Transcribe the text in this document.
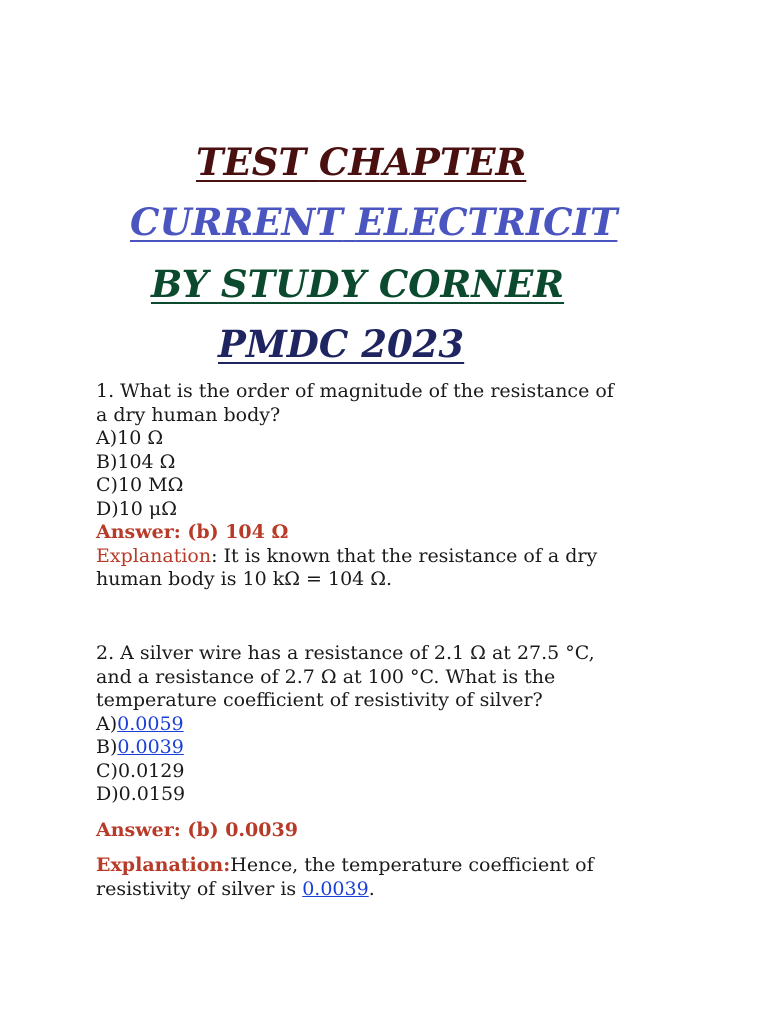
TEST CHAPTER
CURRENT ELECTRICIT
BY STUDY CORNER
PMDC 2023
1. What is the order of magnitude of the resistance of
a dry human body?
A)10 Ω
B)104 Ω
C)10 MΩ
D)10 μΩ
Answer: (b) 104 Ω
Explanation: It is known that the resistance of a dry
human body is 10 kΩ = 104 Ω.
2. A silver wire has a resistance of 2.1 Ω at 27.5 °C,
and a resistance of 2.7 Ω at 100 °C. What is the
temperature coefficient of resistivity of silver?
A)0.0059
B)0.0039
C)0.0129
D)0.0159
Answer: (b) 0.0039
Explanation:Hence, the temperature coefficient of
resistivity of silver is 0.0039.
